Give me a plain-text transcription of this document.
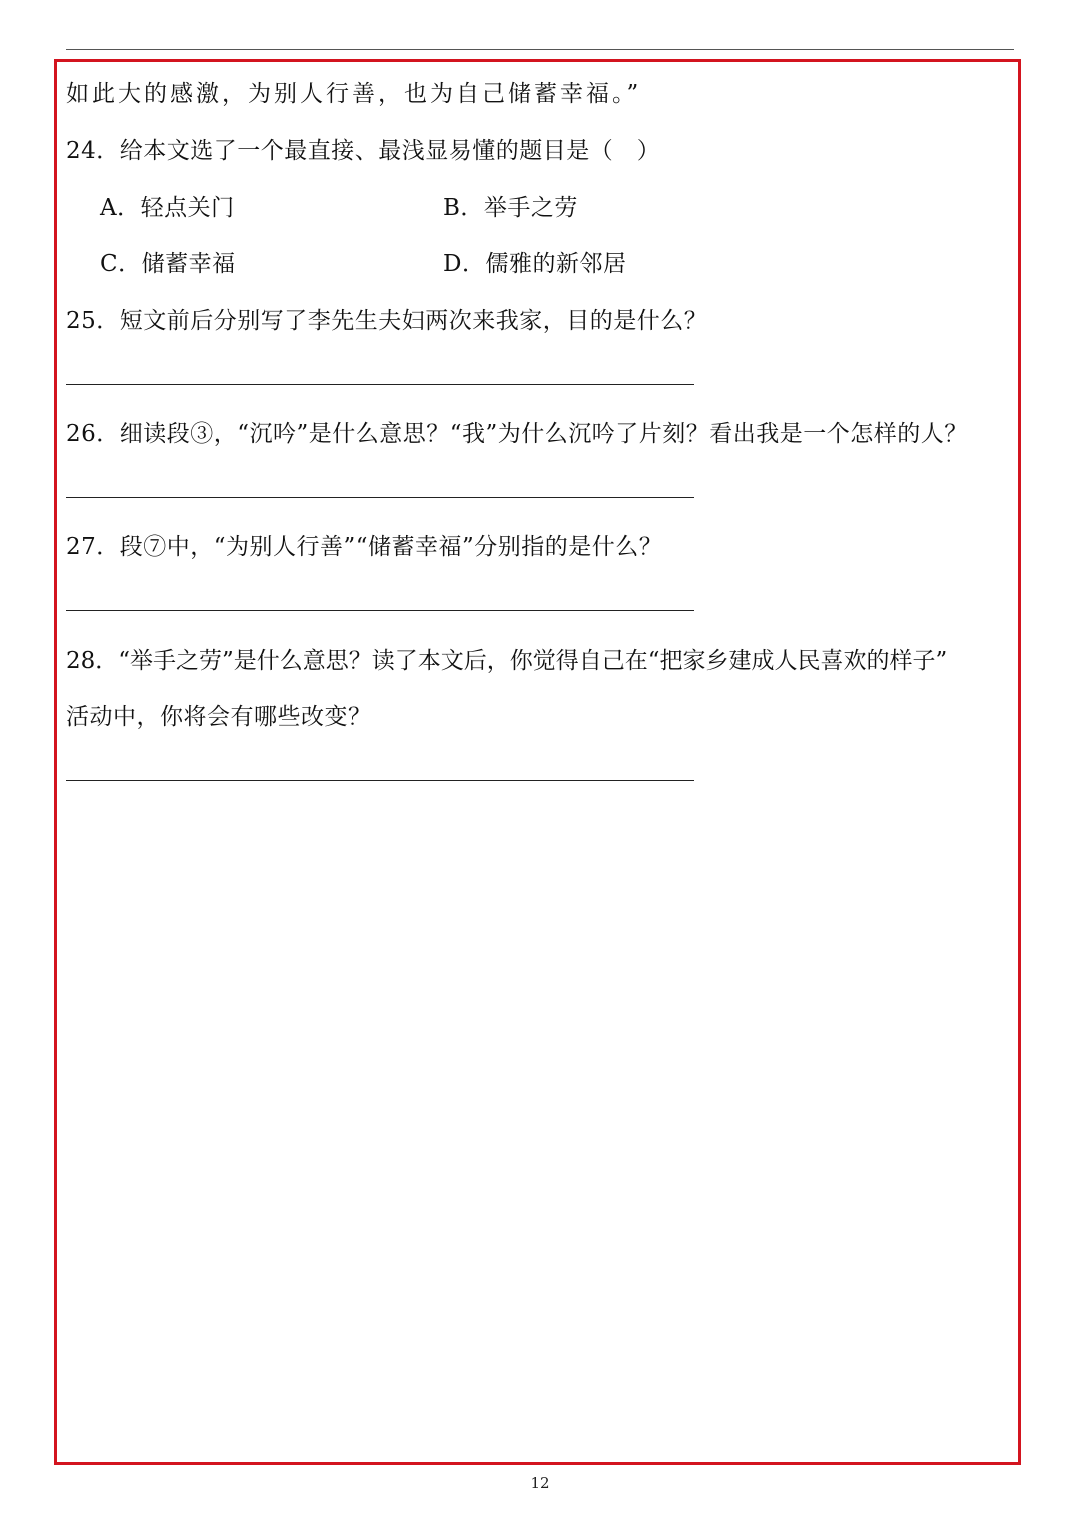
如此大的感激，为别人行善，也为自己储蓄幸福。”
24．给本文选了一个最直接、最浅显易懂的题目是（　）
A．轻点关门	B．举手之劳
C．储蓄幸福	D．儒雅的新邻居
25．短文前后分别写了李先生夫妇两次来我家，目的是什么？
26．细读段③，“沉吟”是什么意思？“我”为什么沉吟了片刻？看出我是一个怎样的人？
27．段⑦中，“为别人行善”“储蓄幸福”分别指的是什么？
28．“举手之劳”是什么意思？读了本文后，你觉得自己在“把家乡建成人民喜欢的样子”
活动中，你将会有哪些改变？
12
